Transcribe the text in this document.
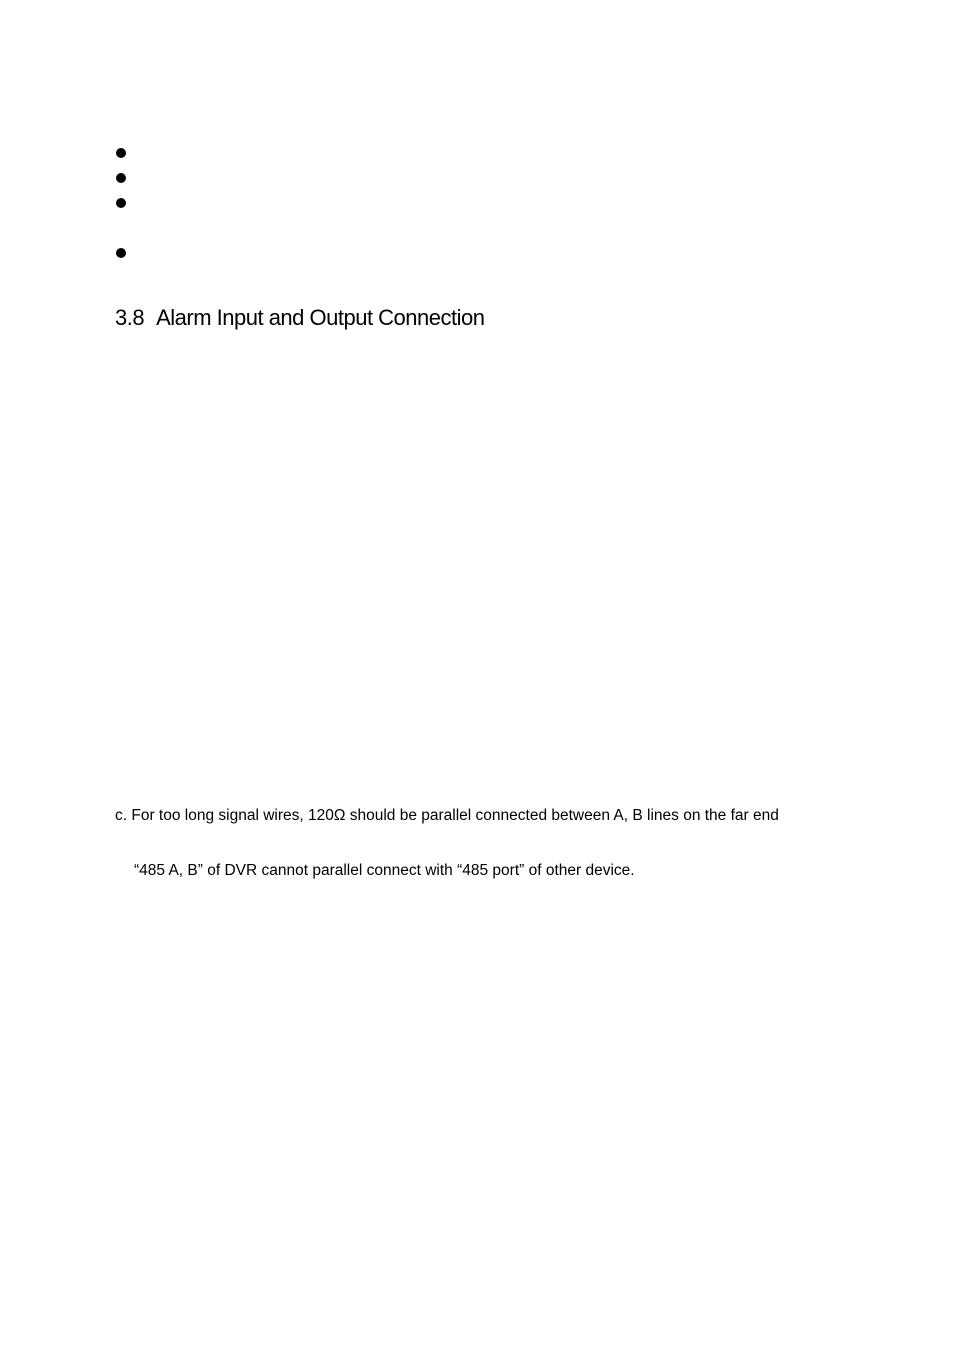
3.8 Alarm Input and Output Connection

c. For too long signal wires, 120Ω should be parallel connected between A, B lines on the far end

“485 A, B” of DVR cannot parallel connect with “485 port” of other device.
